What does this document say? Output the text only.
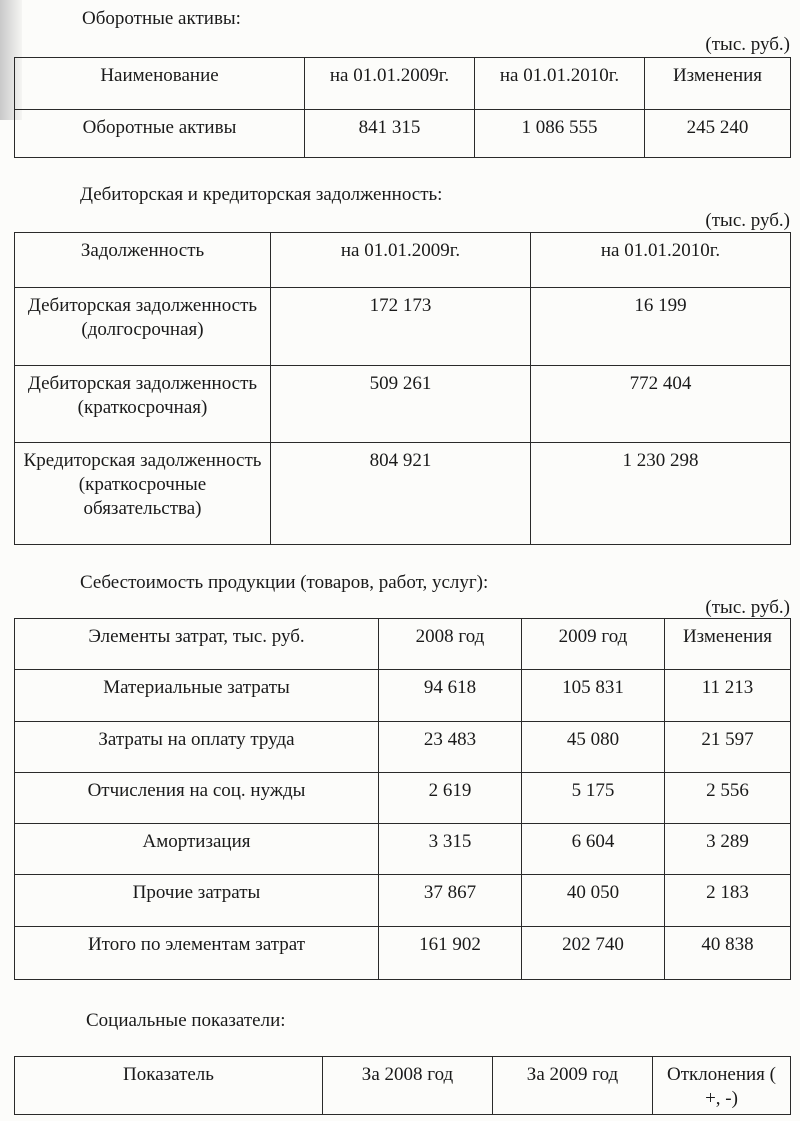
Оборотные активы:
(тыс. руб.)
Наименование	на 01.01.2009г.	на 01.01.2010г.	Изменения
Оборотные активы	841 315	1 086 555	245 240
Дебиторская и кредиторская задолженность:
(тыс. руб.)
Задолженность	на 01.01.2009г.	на 01.01.2010г.
Дебиторская задолженность (долгосрочная)	172 173	16 199
Дебиторская задолженность (краткосрочная)	509 261	772 404
Кредиторская задолженность (краткосрочные обязательства)	804 921	1 230 298
Себестоимость продукции (товаров, работ, услуг):
(тыс. руб.)
Элементы затрат, тыс. руб.	2008 год	2009 год	Изменения
Материальные затраты	94 618	105 831	11 213
Затраты на оплату труда	23 483	45 080	21 597
Отчисления на соц. нужды	2 619	5 175	2 556
Амортизация	3 315	6 604	3 289
Прочие затраты	37 867	40 050	2 183
Итого по элементам затрат	161 902	202 740	40 838
Социальные показатели:
Показатель	За 2008 год	За 2009 год	Отклонения ( +, -)
